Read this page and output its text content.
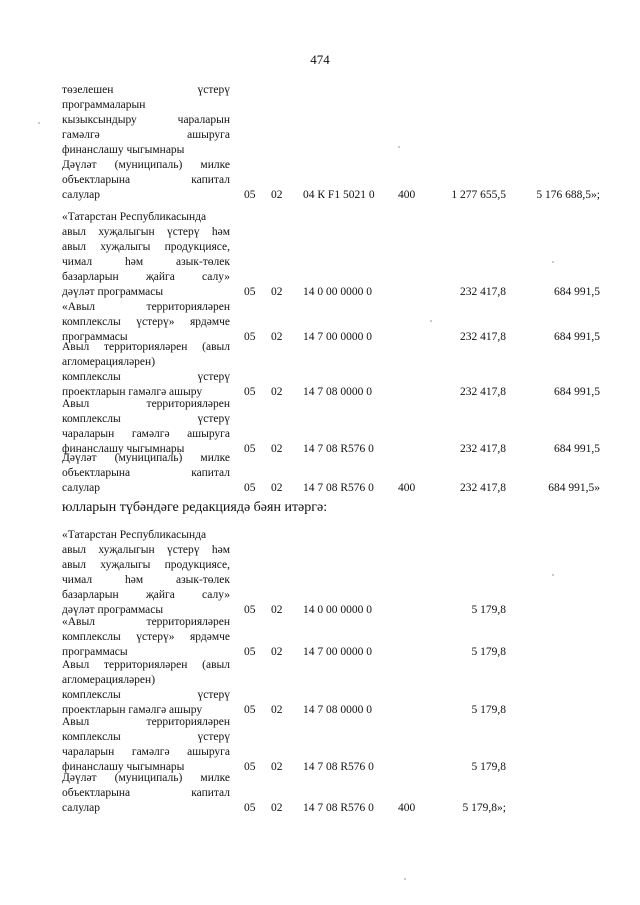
474
төзелешен үстерү
программаларын
кызыксындыру чараларын
гамәлгә ашыруга
финанслашу чыгымнары
Дәүләт (муниципаль) милке
объектларына капитал
салулар	05 02 04 К F1 5021 0 400	1 277 655,5	5 176 688,5»;
«Татарстан Республикасында
авыл хуҗалыгын үстерү һәм
авыл хуҗалыгы продукциясе,
чимал һәм азык-төлек
базарларын җайга салу»
дәүләт программасы	05 02 14 0 00 0000 0	232 417,8	684 991,5
«Авыл территорияләрен
комплекслы үстерү» ярдәмче
программасы	05 02 14 7 00 0000 0	232 417,8	684 991,5
Авыл территорияләрен (авыл
агломерацияләрен)
комплекслы үстерү
проектларын гамәлгә ашыру	05 02 14 7 08 0000 0	232 417,8	684 991,5
Авыл территорияләрен
комплекслы үстерү
чараларын гамәлгә ашыруга
финанслашу чыгымнары	05 02 14 7 08 R576 0	232 417,8	684 991,5
Дәүләт (муниципаль) милке
объектларына капитал
салулар	05 02 14 7 08 R576 0 400	232 417,8	684 991,5»
юлларын түбәндәге редакциядә бәян итәргә:
«Татарстан Республикасында
авыл хуҗалыгын үстерү һәм
авыл хуҗалыгы продукциясе,
чимал һәм азык-төлек
базарларын җайга салу»
дәүләт программасы	05 02 14 0 00 0000 0	5 179,8
«Авыл территорияләрен
комплекслы үстерү» ярдәмче
программасы	05 02 14 7 00 0000 0	5 179,8
Авыл территорияләрен (авыл
агломерацияләрен)
комплекслы үстерү
проектларын гамәлгә ашыру	05 02 14 7 08 0000 0	5 179,8
Авыл территорияләрен
комплекслы үстерү
чараларын гамәлгә ашыруга
финанслашу чыгымнары	05 02 14 7 08 R576 0	5 179,8
Дәүләт (муниципаль) милке
объектларына капитал
салулар	05 02 14 7 08 R576 0 400	5 179,8»;
